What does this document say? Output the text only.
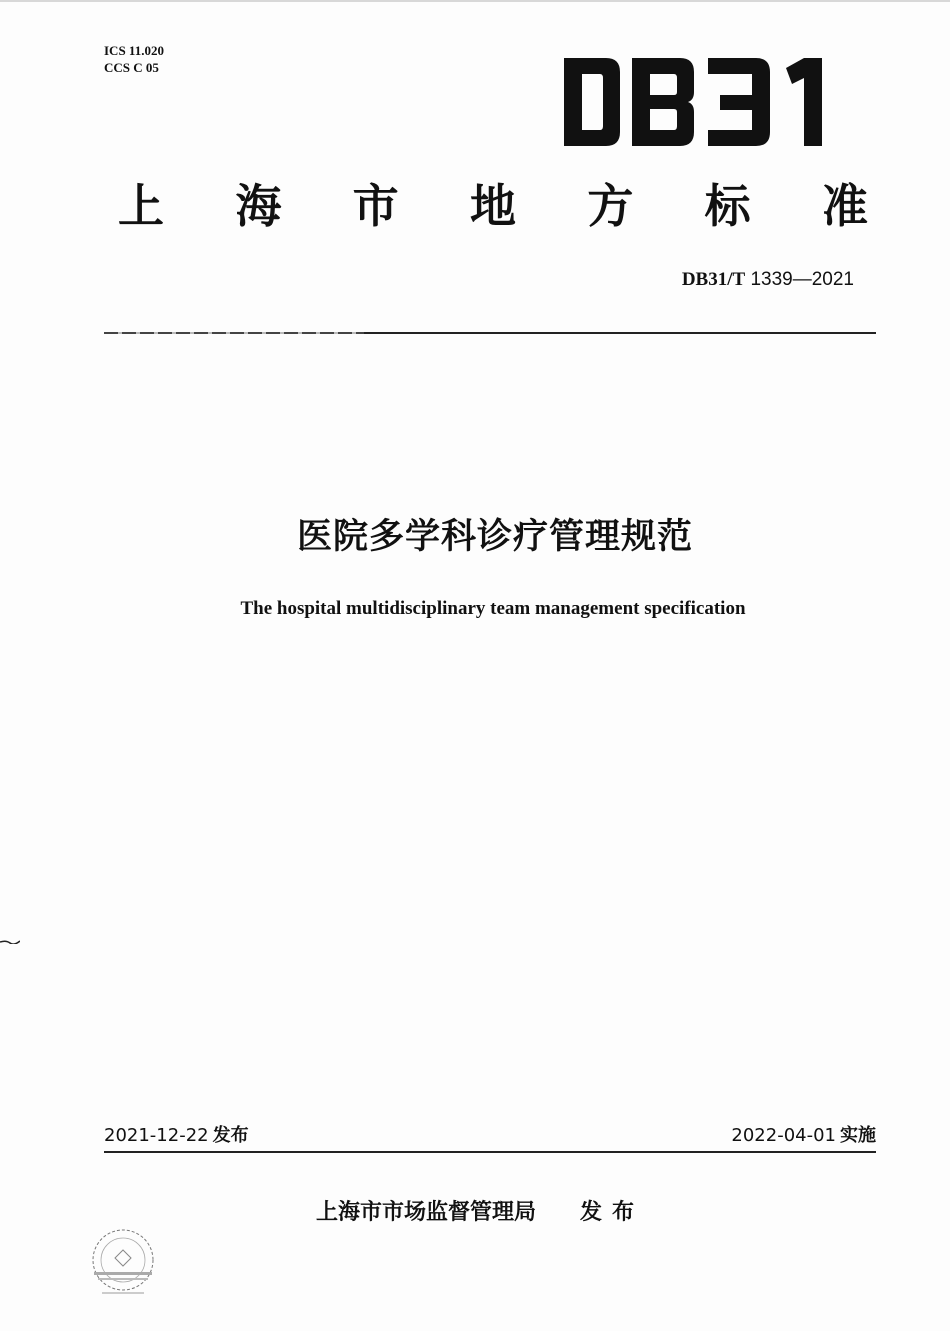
ICS 11.020
CCS C 05
上 海 市 地 方 标 准
DB31/T 1339—2021
医院多学科诊疗管理规范
The hospital multidisciplinary team management specification
2021-12-22 发布	2022-04-01 实施
上海市市场监督管理局 发布
